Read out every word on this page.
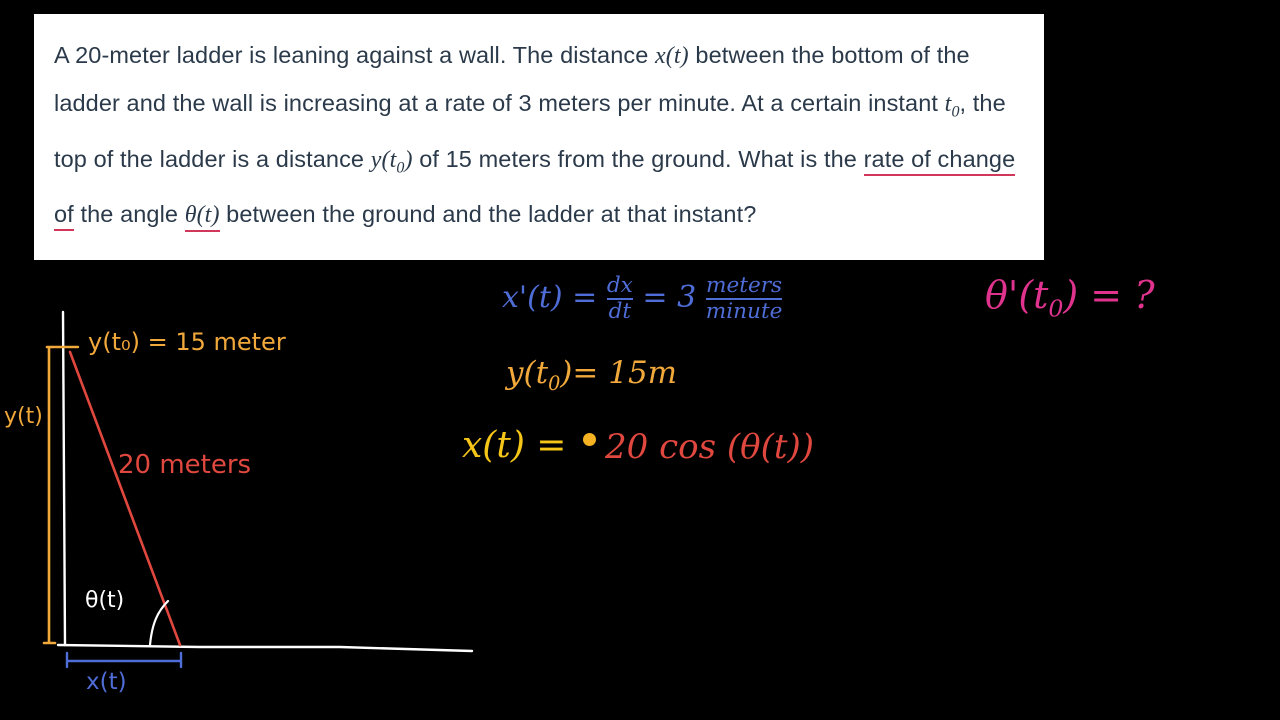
A 20-meter ladder is leaning against a wall. The distance x(t) between the bottom of the ladder and the wall is increasing at a rate of 3 meters per minute. At a certain instant $t_0$, the top of the ladder is a distance $y(t_0)$ of 15 meters from the ground. What is the rate of change of the angle θ(t) between the ground and the ladder at that instant?
y(t₀) = 15 meter
y(t)
20 meters
θ(t)
x(t)
$x'(t) = \frac{dx}{dt} = 3 \frac{\text{meters}}{\text{minute}}$
$y(t_0)= 15m$
x(t) = 20 cos (θ(t))
$\theta'(t_0)$ = ?
